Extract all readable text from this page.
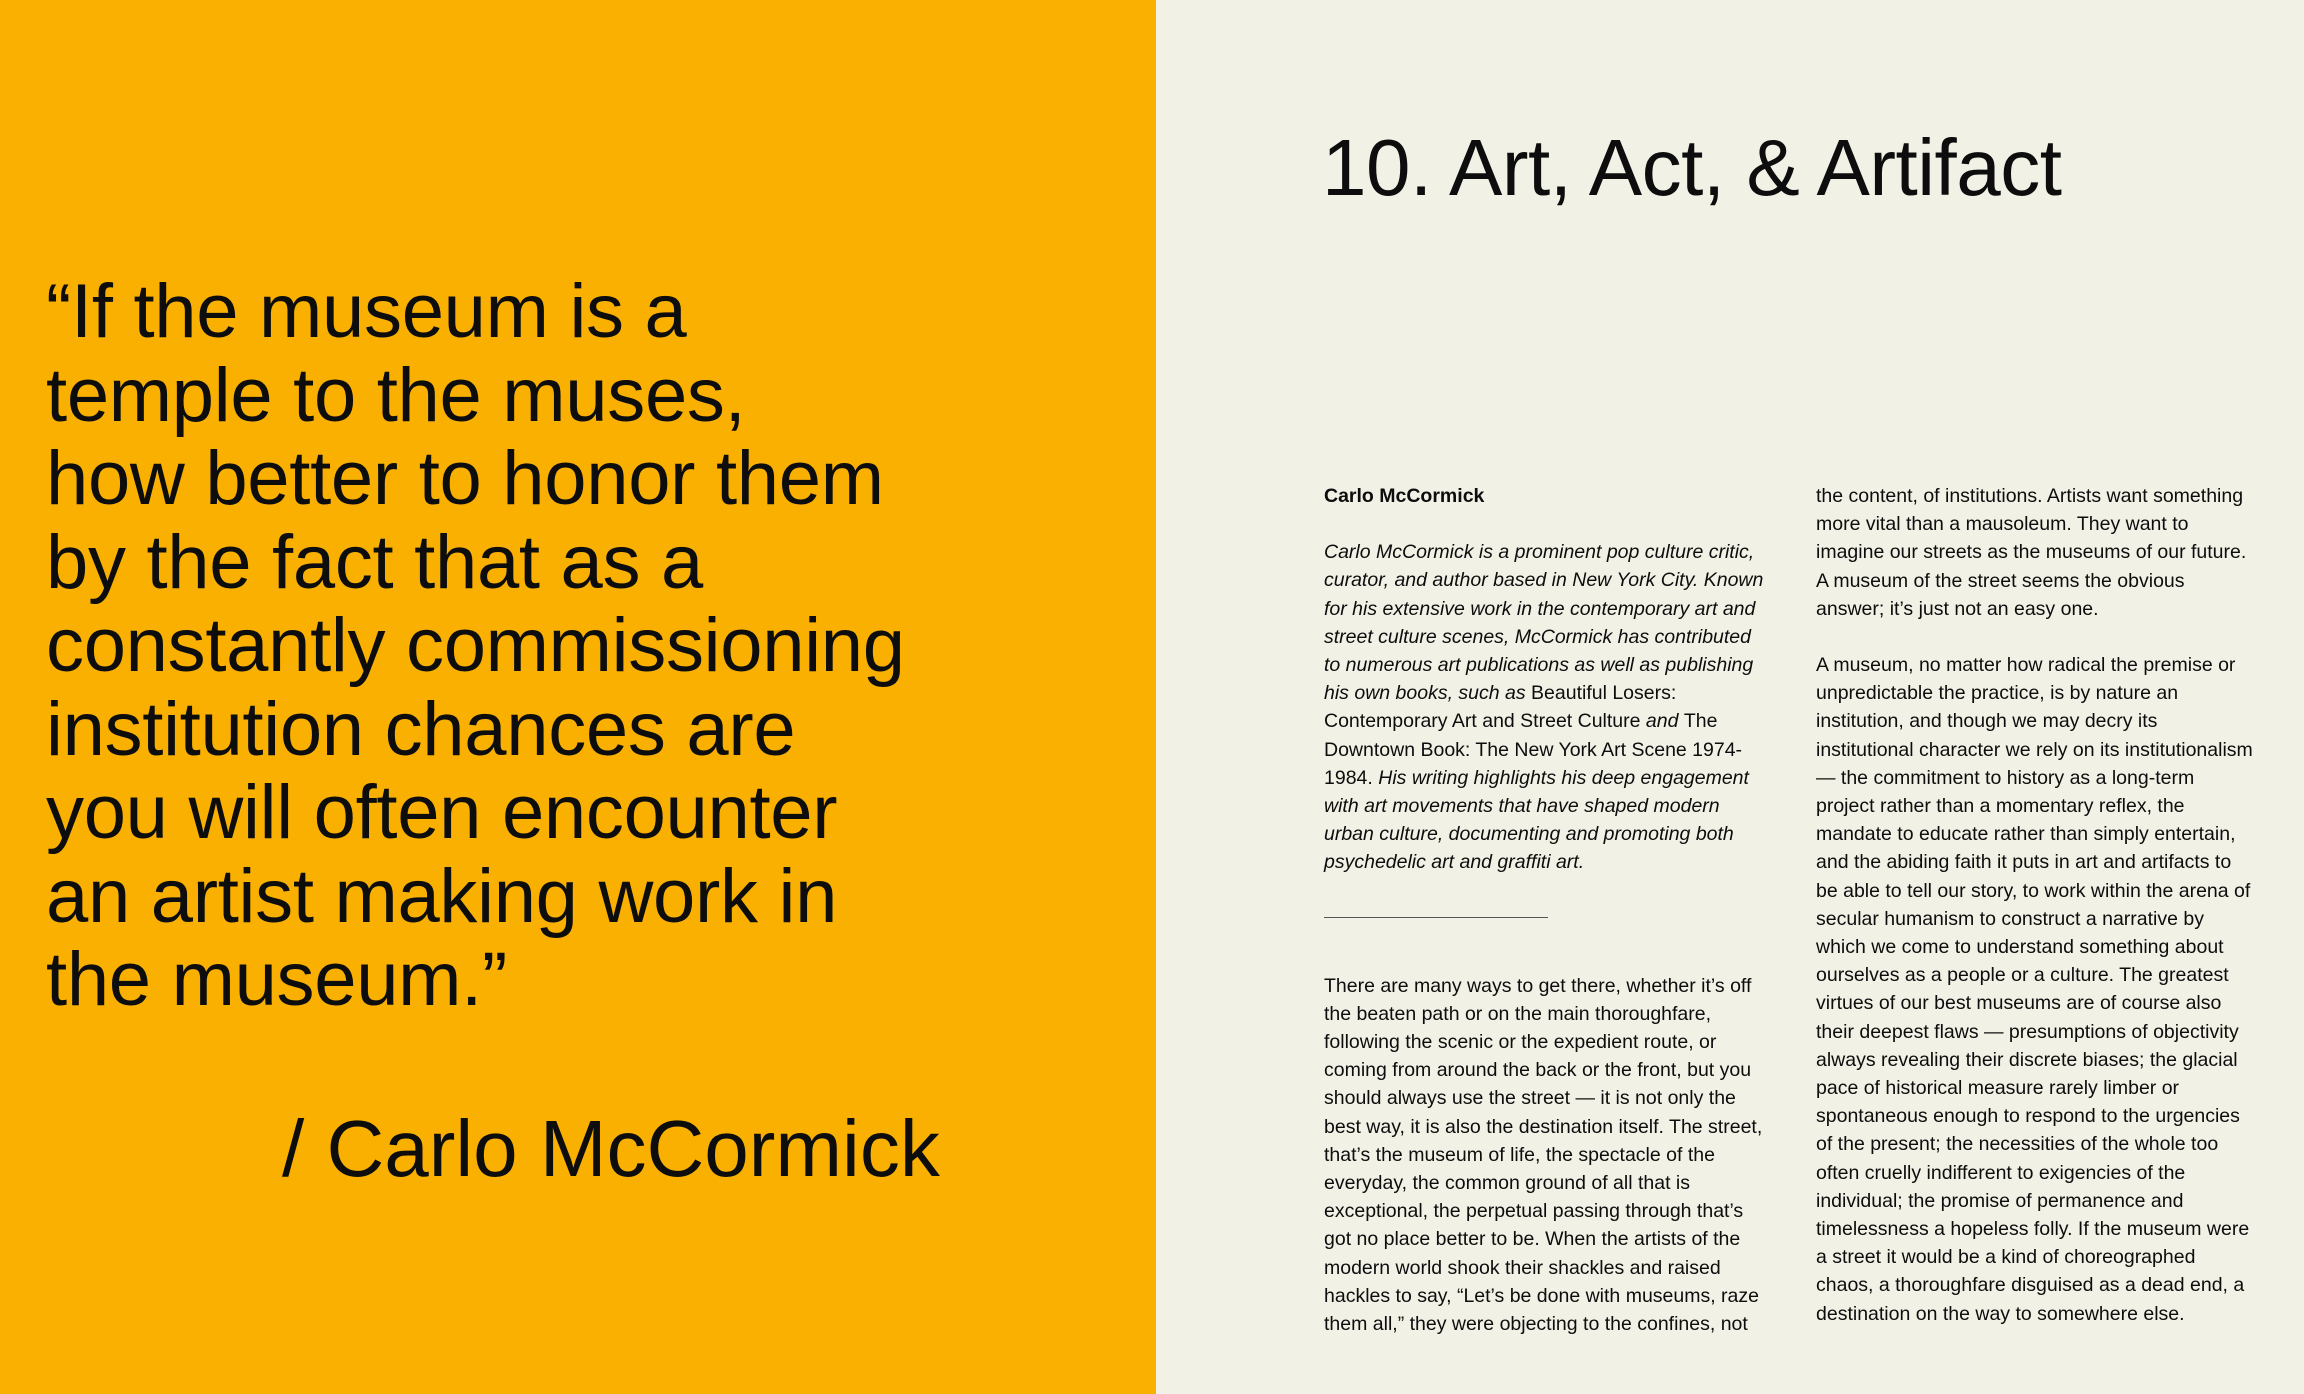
“If the museum is a
temple to the muses,
how better to honor them
by the fact that as a
constantly commissioning
institution chances are
you will often encounter
an artist making work in
the museum.”

/ Carlo McCormick

10. Art, Act, & Artifact

Carlo McCormick

Carlo McCormick is a prominent pop culture critic,
curator, and author based in New York City. Known
for his extensive work in the contemporary art and
street culture scenes, McCormick has contributed
to numerous art publications as well as publishing
his own books, such as Beautiful Losers:
Contemporary Art and Street Culture and The
Downtown Book: The New York Art Scene 1974-
1984. His writing highlights his deep engagement
with art movements that have shaped modern
urban culture, documenting and promoting both
psychedelic art and graffiti art.

There are many ways to get there, whether it’s off
the beaten path or on the main thoroughfare,
following the scenic or the expedient route, or
coming from around the back or the front, but you
should always use the street — it is not only the
best way, it is also the destination itself. The street,
that’s the museum of life, the spectacle of the
everyday, the common ground of all that is
exceptional, the perpetual passing through that’s
got no place better to be. When the artists of the
modern world shook their shackles and raised
hackles to say, “Let’s be done with museums, raze
them all,” they were objecting to the confines, not

the content, of institutions. Artists want something
more vital than a mausoleum. They want to
imagine our streets as the museums of our future.
A museum of the street seems the obvious
answer; it’s just not an easy one.

A museum, no matter how radical the premise or
unpredictable the practice, is by nature an
institution, and though we may decry its
institutional character we rely on its institutionalism
— the commitment to history as a long-term
project rather than a momentary reflex, the
mandate to educate rather than simply entertain,
and the abiding faith it puts in art and artifacts to
be able to tell our story, to work within the arena of
secular humanism to construct a narrative by
which we come to understand something about
ourselves as a people or a culture. The greatest
virtues of our best museums are of course also
their deepest flaws — presumptions of objectivity
always revealing their discrete biases; the glacial
pace of historical measure rarely limber or
spontaneous enough to respond to the urgencies
of the present; the necessities of the whole too
often cruelly indifferent to exigencies of the
individual; the promise of permanence and
timelessness a hopeless folly. If the museum were
a street it would be a kind of choreographed
chaos, a thoroughfare disguised as a dead end, a
destination on the way to somewhere else.
